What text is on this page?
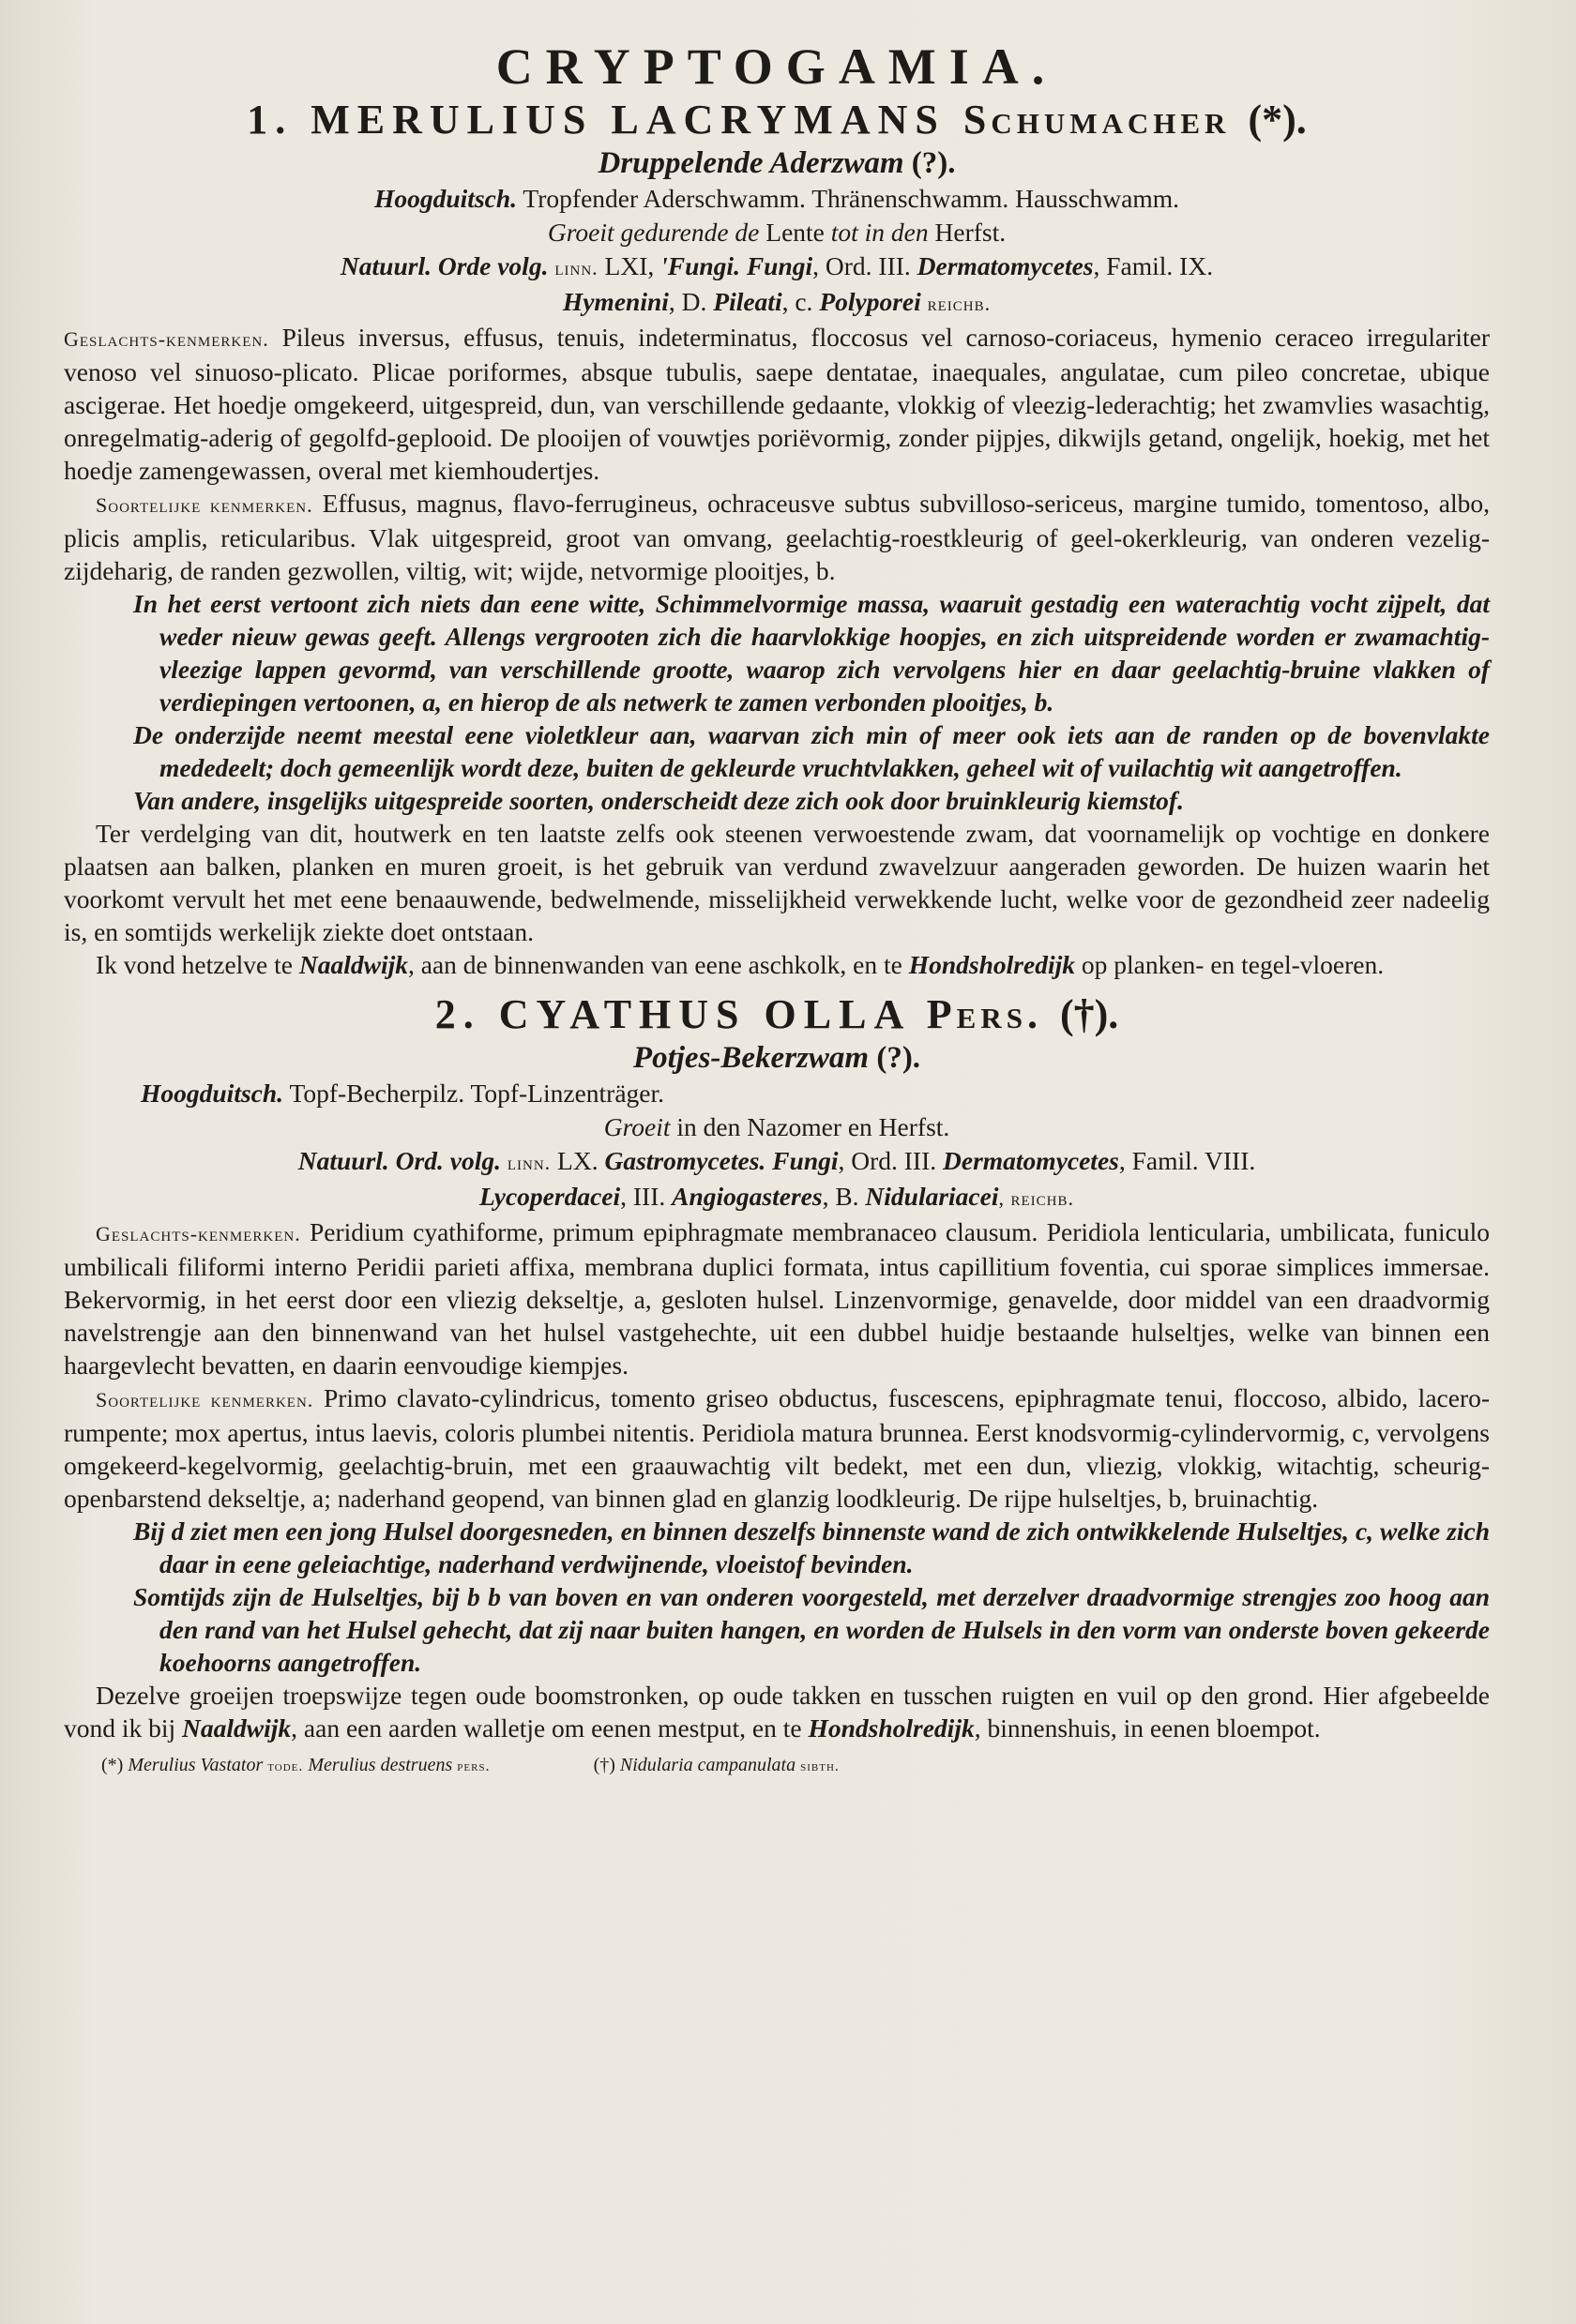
CRYPTOGAMIA.
1. MERULIUS LACRYMANS Schumacher (*).

Druppelende Aderzwam (?).

Hoogduitsch. Tropfender Aderschwamm. Thränenschwamm. Hausschwamm.

Groeit gedurende de Lente tot in den Herfst.

Natuurl. Orde volg. linn. LXI, 'Fungi. Fungi, Ord. III. Dermatomycetes, Famil. IX.

Hymenini, D. Pileati, c. Polyporei reichb.

Geslachts-kenmerken. Pileus inversus, effusus, tenuis, indeterminatus, floccosus vel carnoso-coriaceus, hymenio ceraceo irregulariter venoso vel sinuoso-plicato. Plicae poriformes, absque tubulis, saepe dentatae, inaequales, angulatae, cum pileo concretae, ubique ascigerae. Het hoedje omgekeerd, uitgespreid, dun, van verschillende gedaante, vlokkig of vleezig-lederachtig; het zwamvlies wasachtig, onregelmatig-aderig of gegolfd-geplooid. De plooijen of vouwtjes poriëvormig, zonder pijpjes, dikwijls getand, ongelijk, hoekig, met het hoedje zamengewassen, overal met kiemhoudertjes.

Soortelijke kenmerken. Effusus, magnus, flavo-ferrugineus, ochraceusve subtus subvilloso-sericeus, margine tumido, tomentoso, albo, plicis amplis, reticularibus. Vlak uitgespreid, groot van omvang, geelachtig-roestkleurig of geel-okerkleurig, van onderen vezelig-zijdeharig, de randen gezwollen, viltig, wit; wijde, netvormige plooitjes, b.

In het eerst vertoont zich niets dan eene witte, Schimmelvormige massa, waaruit gestadig een waterachtig vocht zijpelt, dat weder nieuw gewas geeft. Allengs vergrooten zich die haarvlokkige hoopjes, en zich uitspreidende worden er zwamachtig-vleezige lappen gevormd, van verschillende grootte, waarop zich vervolgens hier en daar geelachtig-bruine vlakken of verdiepingen vertoonen, a, en hierop de als netwerk te zamen verbonden plooitjes, b.
De onderzijde neemt meestal eene violetkleur aan, waarvan zich min of meer ook iets aan de randen op de bovenvlakte mededeelt; doch gemeenlijk wordt deze, buiten de gekleurde vruchtvlakken, geheel wit of vuilachtig wit aangetroffen.
Van andere, insgelijks uitgespreide soorten, onderscheidt deze zich ook door bruinkleurig kiemstof.

Ter verdelging van dit, houtwerk en ten laatste zelfs ook steenen verwoestende zwam, dat voornamelijk op vochtige en donkere plaatsen aan balken, planken en muren groeit, is het gebruik van verdund zwavelzuur aangeraden geworden. De huizen waarin het voorkomt vervult het met eene benaauwende, bedwelmende, misselijkheid verwekkende lucht, welke voor de gezondheid zeer nadeelig is, en somtijds werkelijk ziekte doet ontstaan.

Ik vond hetzelve te Naaldwijk, aan de binnenwanden van eene aschkolk, en te Hondsholredijk op planken- en tegel-vloeren.

2. CYATHUS OLLA Pers. (†).

Potjes-Bekerzwam (?).

Hoogduitsch. Topf-Becherpilz. Topf-Linzenträger.

Groeit in den Nazomer en Herfst.

Natuurl. Ord. volg. linn. LX. Gastromycetes. Fungi, Ord. III. Dermatomycetes, Famil. VIII.

Lycoperdacei, III. Angiogasteres, B. Nidulariacei, reichb.

Geslachts-kenmerken. Peridium cyathiforme, primum epiphragmate membranaceo clausum. Peridiola lenticularia, umbilicata, funiculo umbilicali filiformi interno Peridii parieti affixa, membrana duplici formata, intus capillitium foventia, cui sporae simplices immersae. Bekervormig, in het eerst door een vliezig dekseltje, a, gesloten hulsel. Linzenvormige, genavelde, door middel van een draadvormig navelstrengje aan den binnenwand van het hulsel vastgehechte, uit een dubbel huidje bestaande hulseltjes, welke van binnen een haargevlecht bevatten, en daarin eenvoudige kiempjes.

Soortelijke kenmerken. Primo clavato-cylindricus, tomento griseo obductus, fuscescens, epiphragmate tenui, floccoso, albido, lacero-rumpente; mox apertus, intus laevis, coloris plumbei nitentis. Peridiola matura brunnea. Eerst knodsvormig-cylindervormig, c, vervolgens omgekeerd-kegelvormig, geelachtig-bruin, met een graauwachtig vilt bedekt, met een dun, vliezig, vlokkig, witachtig, scheurig-openbarstend dekseltje, a; naderhand geopend, van binnen glad en glanzig loodkleurig. De rijpe hulseltjes, b, bruinachtig.

Bij d ziet men een jong Hulsel doorgesneden, en binnen deszelfs binnenste wand de zich ontwikkelende Hulseltjes, c, welke zich daar in eene geleiachtige, naderhand verdwijnende, vloeistof bevinden.
Somtijds zijn de Hulseltjes, bij b b van boven en van onderen voorgesteld, met derzelver draadvormige strengjes zoo hoog aan den rand van het Hulsel gehecht, dat zij naar buiten hangen, en worden de Hulsels in den vorm van onderste boven gekeerde koehoorns aangetroffen.

Dezelve groeijen troepswijze tegen oude boomstronken, op oude takken en tusschen ruigten en vuil op den grond. Hier afgebeelde vond ik bij Naaldwijk, aan een aarden walletje om eenen mestput, en te Hondsholredijk, binnenshuis, in eenen bloempot.

(*) Merulius Vastator tode. Merulius destruens pers.	(†) Nidularia campanulata sibth.
